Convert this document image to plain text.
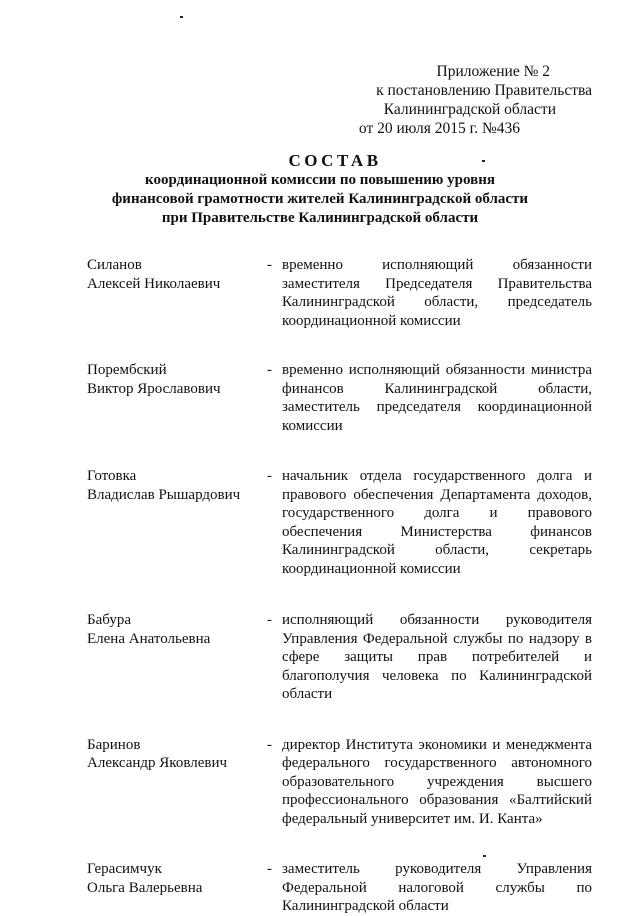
Приложение № 2
к постановлению Правительства
Калининградской области
от 20 июля 2015 г. №436
СОСТАВ
координационной комиссии по повышению уровня
финансовой грамотности жителей Калининградской области
при Правительстве Калининградской области
Силанов
Алексей Николаевич
- временно исполняющий обязанности заместителя Председателя Правительства Калининградской области, председатель координационной комиссии
Порембский
Виктор Ярославович
- временно исполняющий обязанности министра финансов Калининградской области, заместитель председателя координационной комиссии
Готовка
Владислав Рышардович
- начальник отдела государственного долга и правового обеспечения Департамента доходов, государственного долга и правового обеспечения Министерства финансов Калининградской области, секретарь координационной комиссии
Бабура
Елена Анатольевна
- исполняющий обязанности руководителя Управления Федеральной службы по надзору в сфере защиты прав потребителей и благополучия человека по Калининградской области
Баринов
Александр Яковлевич
- директор Института экономики и менеджмента федерального государственного автономного образовательного учреждения высшего профессионального образования «Балтийский федеральный университет им. И. Канта»
Герасимчук
Ольга Валерьевна
- заместитель руководителя Управления Федеральной налоговой службы по Калининградской области
